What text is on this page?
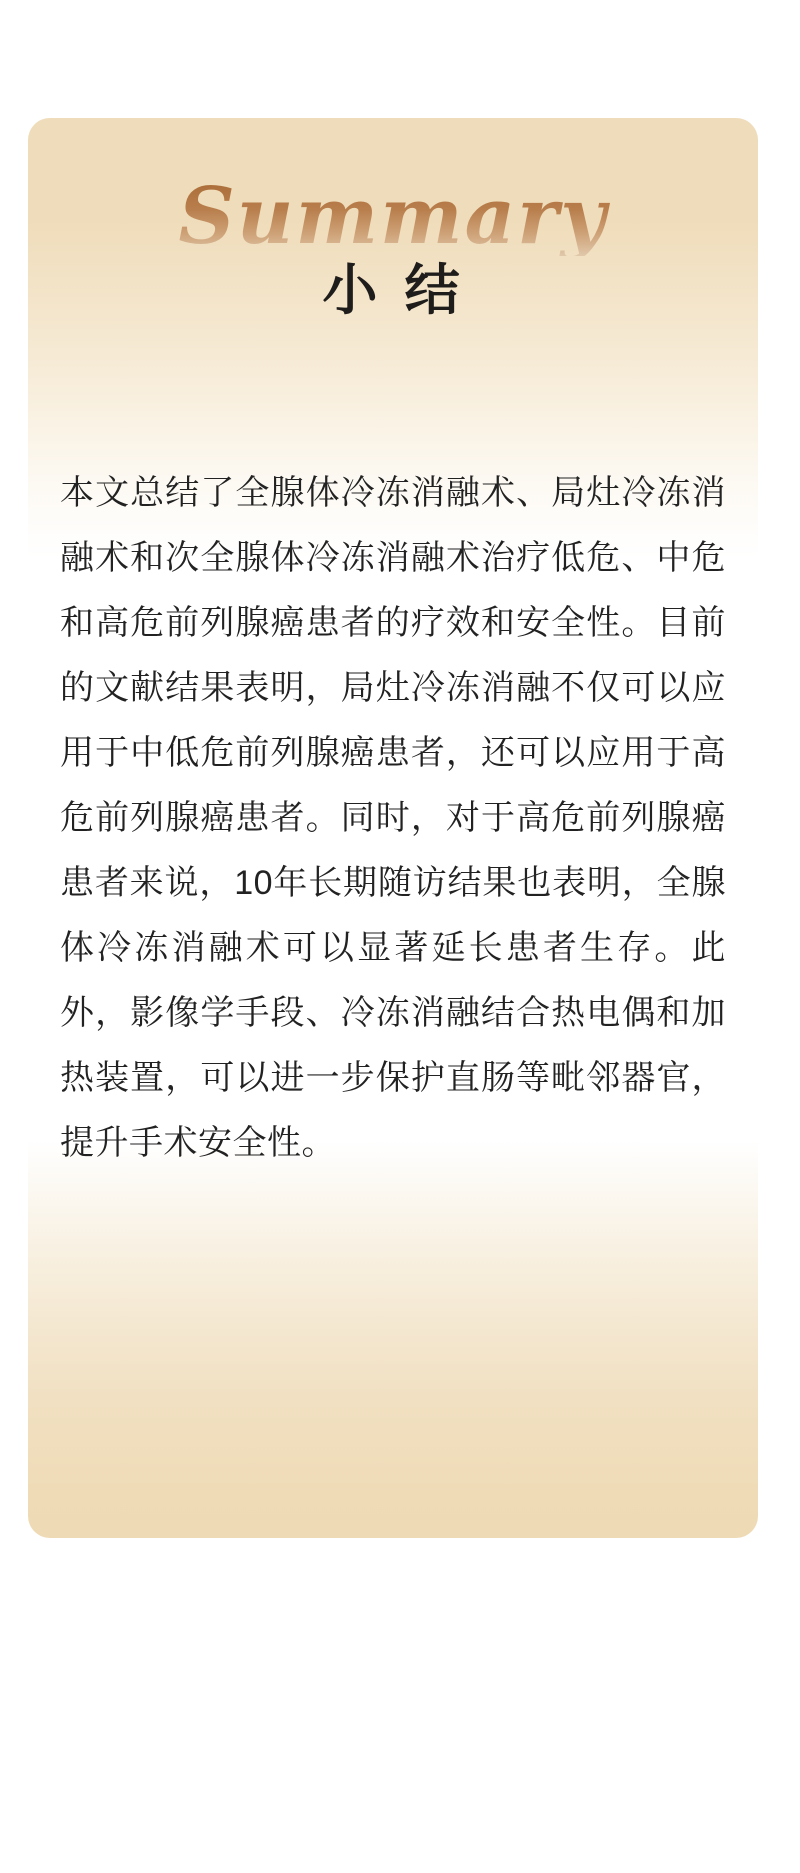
Summary
小 结

本文总结了全腺体冷冻消融术、局灶冷冻消融术和次全腺体冷冻消融术治疗低危、中危和高危前列腺癌患者的疗效和安全性。目前的文献结果表明，局灶冷冻消融不仅可以应用于中低危前列腺癌患者，还可以应用于高危前列腺癌患者。同时，对于高危前列腺癌患者来说，10年长期随访结果也表明，全腺体冷冻消融术可以显著延长患者生存。此外，影像学手段、冷冻消融结合热电偶和加热装置，可以进一步保护直肠等毗邻器官，提升手术安全性。
